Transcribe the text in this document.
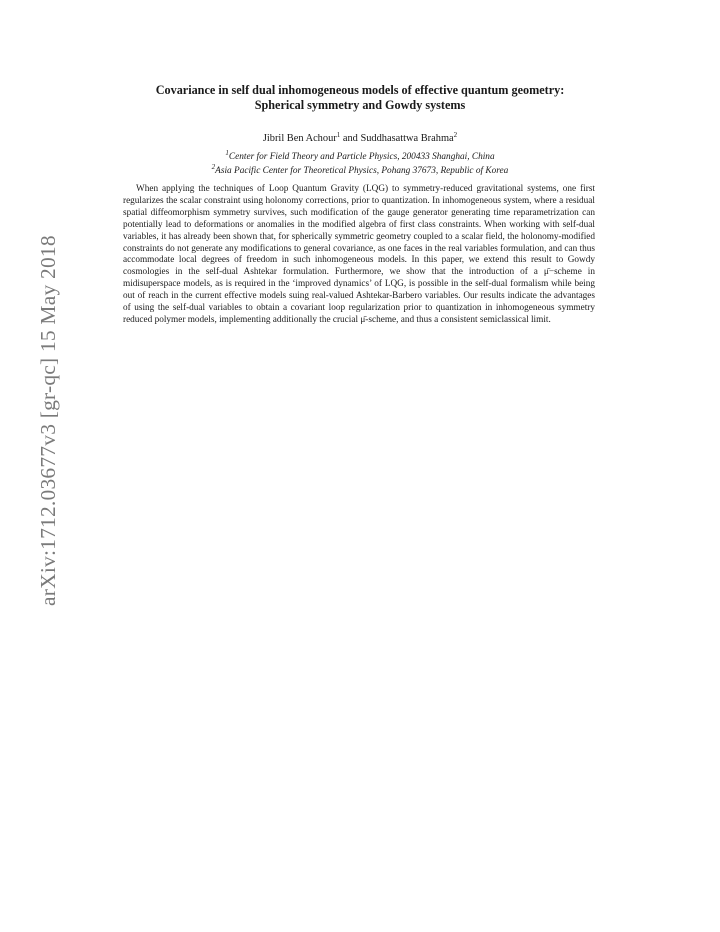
arXiv:1712.03677v3 [gr-qc] 15 May 2018
Covariance in self dual inhomogeneous models of effective quantum geometry:
Spherical symmetry and Gowdy systems
Jibril Ben Achour$^1$ and Suddhasattwa Brahma$^2$
$^1$Center for Field Theory and Particle Physics, 200433 Shanghai, China
$^2$Asia Pacific Center for Theoretical Physics, Pohang 37673, Republic of Korea

When applying the techniques of Loop Quantum Gravity (LQG) to symmetry-reduced gravitational systems, one first regularizes the scalar constraint using holonomy corrections, prior to quantization. In inhomogeneous system, where a residual spatial diffeomorphism symmetry survives, such modification of the gauge generator generating time reparametrization can potentially lead to deformations or anomalies in the modified algebra of first class constraints. When working with self-dual variables, it has already been shown that, for spherically symmetric geometry coupled to a scalar field, the holonomy-modified constraints do not generate any modifications to general covariance, as one faces in the real variables formulation, and can thus accommodate local degrees of freedom in such inhomogeneous models. In this paper, we extend this result to Gowdy cosmologies in the self-dual Ashtekar formulation. Furthermore, we show that the introduction of a μ̄−scheme in midisuperspace models, as is required in the ‘improved dynamics’ of LQG, is possible in the self-dual formalism while being out of reach in the current effective models suing real-valued Ashtekar-Barbero variables. Our results indicate the advantages of using the self-dual variables to obtain a covariant loop regularization prior to quantization in inhomogeneous symmetry reduced polymer models, implementing additionally the crucial μ̄-scheme, and thus a consistent semiclassical limit.
